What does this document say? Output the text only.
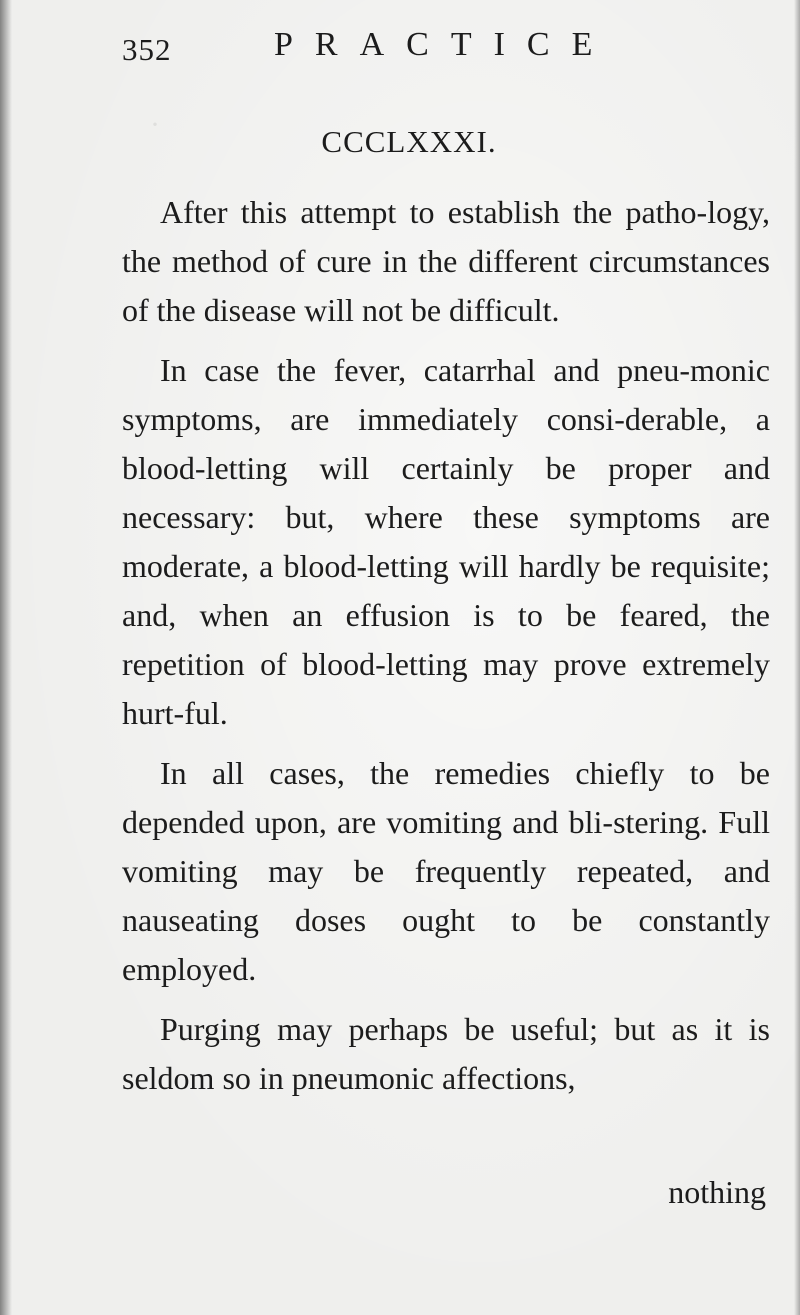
·
352	PRACTICE
CCCLXXXI.

After this attempt to establish the patho-logy, the method of cure in the different circumstances of the disease will not be difficult.

In case the fever, catarrhal and pneu-monic symptoms, are immediately consi-derable, a blood-letting will certainly be proper and necessary: but, where these symptoms are moderate, a blood-letting will hardly be requisite; and, when an effusion is to be feared, the repetition of blood-letting may prove extremely hurt-ful.

In all cases, the remedies chiefly to be depended upon, are vomiting and bli-stering. Full vomiting may be frequently repeated, and nauseating doses ought to be constantly employed.

Purging may perhaps be useful; but as it is seldom so in pneumonic affections,

nothing
